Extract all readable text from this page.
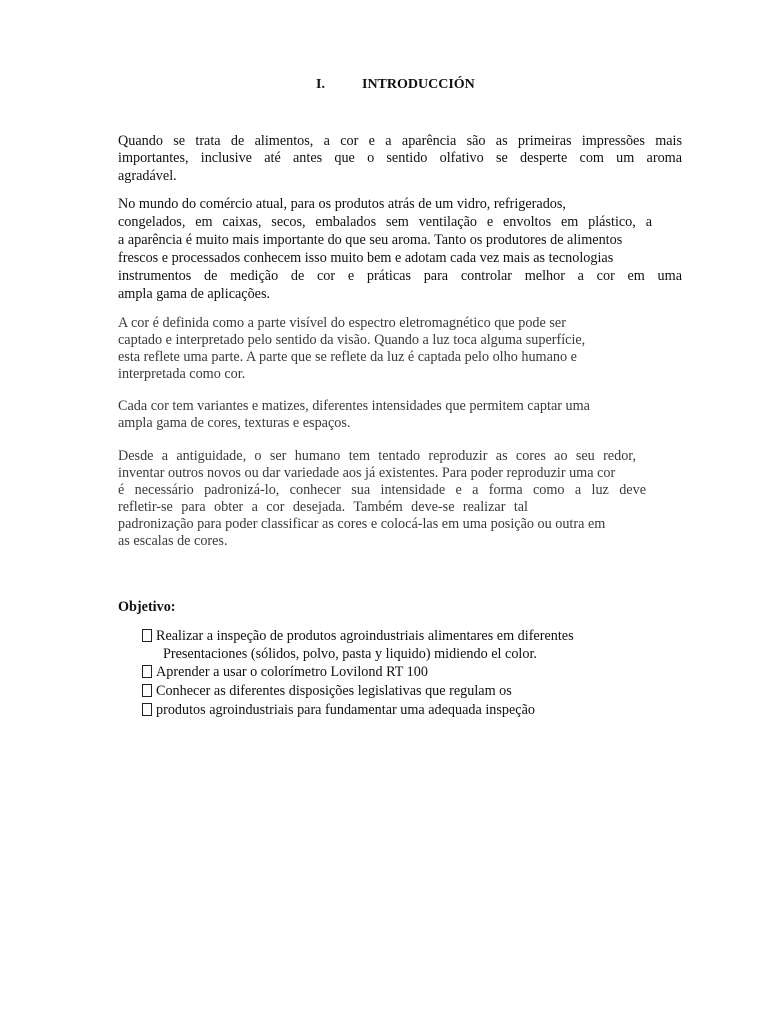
I.	INTRODUCCIÓN
Quando se trata de alimentos, a cor e a aparência são as primeiras impressões mais
importantes, inclusive até antes que o sentido olfativo se desperte com um aroma
agradável.
No mundo do comércio atual, para os produtos atrás de um vidro, refrigerados,
congelados, em caixas, secos, embalados sem ventilação e envoltos em plástico, a
a aparência é muito mais importante do que seu aroma. Tanto os produtores de alimentos
frescos e processados conhecem isso muito bem e adotam cada vez mais as tecnologias
instrumentos de medição de cor e práticas para controlar melhor a cor em uma
ampla gama de aplicações.
A cor é definida como a parte visível do espectro eletromagnético que pode ser
captado e interpretado pelo sentido da visão. Quando a luz toca alguma superfície,
esta reflete uma parte. A parte que se reflete da luz é captada pelo olho humano e
interpretada como cor.
Cada cor tem variantes e matizes, diferentes intensidades que permitem captar uma
ampla gama de cores, texturas e espaços.
Desde a antiguidade, o ser humano tem tentado reproduzir as cores ao seu redor,
inventar outros novos ou dar variedade aos já existentes. Para poder reproduzir uma cor
é necessário padronizá-lo, conhecer sua intensidade e a forma como a luz deve
refletir-se para obter a cor desejada. Também deve-se realizar tal
padronização para poder classificar as cores e colocá-las em uma posição ou outra em
as escalas de cores.
Objetivo:
Realizar a inspeção de produtos agroindustriais alimentares em diferentes
Presentaciones (sólidos, polvo, pasta y liquido) midiendo el color.
Aprender a usar o colorímetro Lovilond RT 100
Conhecer as diferentes disposições legislativas que regulam os
produtos agroindustriais para fundamentar uma adequada inspeção
